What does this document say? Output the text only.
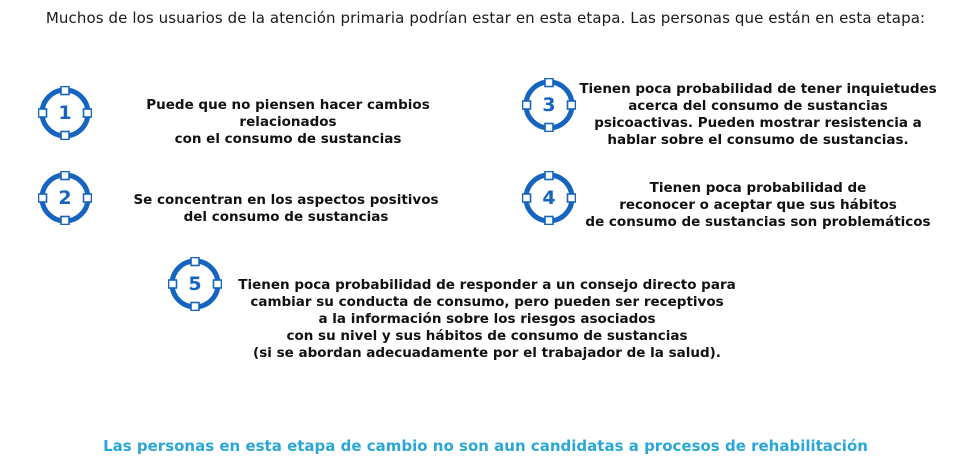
Muchos de los usuarios de la atención primaria podrían estar en esta etapa. Las personas que están en esta etapa:
1	Puede que no piensen hacer cambios relacionados
con el consumo de sustancias
2	Se concentran en los aspectos positivos
del consumo de sustancias
3
Tienen poca probabilidad de tener inquietudes
acerca del consumo de sustancias
psicoactivas. Pueden mostrar resistencia a
hablar sobre el consumo de sustancias.
4	Tienen poca probabilidad de
reconocer o aceptar que sus hábitos
de consumo de sustancias son problemáticos
5	Tienen poca probabilidad de responder a un consejo directo para
cambiar su conducta de consumo, pero pueden ser receptivos
a la información sobre los riesgos asociados
con su nivel y sus hábitos de consumo de sustancias
(si se abordan adecuadamente por el trabajador de la salud).
Las personas en esta etapa de cambio no son aun candidatas a procesos de rehabilitación
